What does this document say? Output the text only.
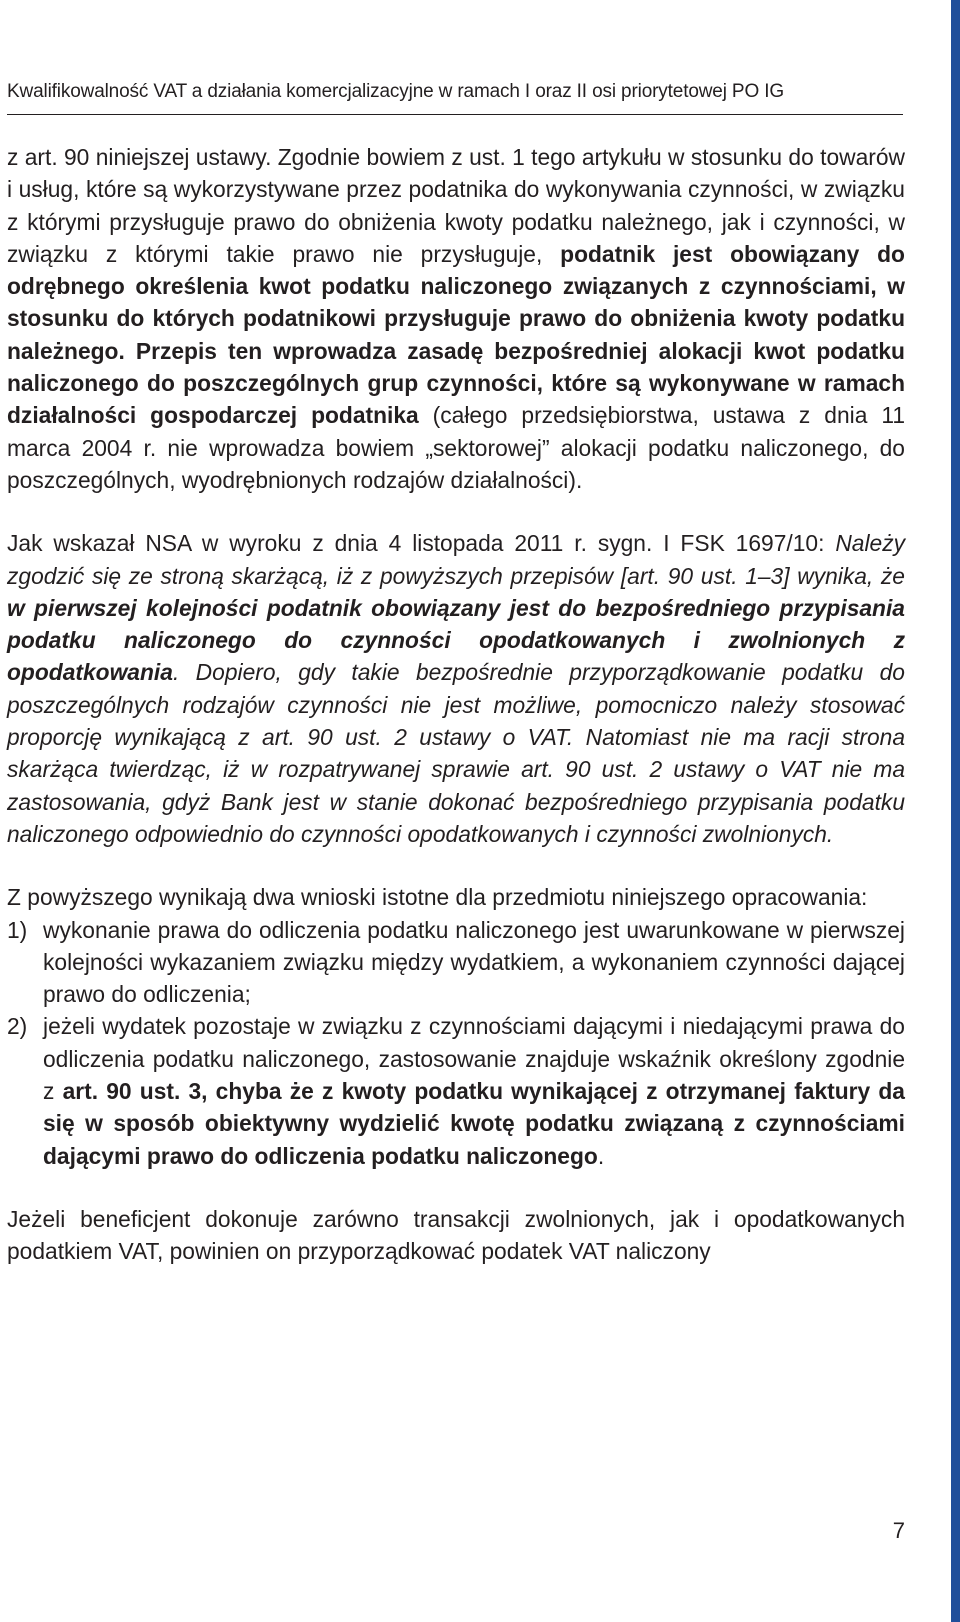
Kwalifikowalność VAT a działania komercjalizacyjne w ramach I oraz II osi priorytetowej PO IG

z art. 90 niniejszej ustawy. Zgodnie bowiem z ust. 1 tego artykułu w stosunku do towarów i usług, które są wykorzystywane przez podatnika do wykonywania czynności, w związku z którymi przysługuje prawo do obniżenia kwoty podatku należnego, jak i czynności, w związku z którymi takie prawo nie przysługuje, podatnik jest obowiązany do odrębnego określenia kwot podatku naliczonego związanych z czynnościami, w stosunku do których podatnikowi przysługuje prawo do obniżenia kwoty podatku należnego. Przepis ten wprowadza zasadę bezpośredniej alokacji kwot podatku naliczonego do poszczególnych grup czynności, które są wykonywane w ramach działalności gospodarczej podatnika (całego przedsiębiorstwa, ustawa z dnia 11 marca 2004 r. nie wprowadza bowiem „sektorowej” alokacji podatku naliczonego, do poszczególnych, wyodrębnionych rodzajów działalności).

Jak wskazał NSA w wyroku z dnia 4 listopada 2011 r. sygn. I FSK 1697/10: Należy zgodzić się ze stroną skarżącą, iż z powyższych przepisów [art. 90 ust. 1–3] wynika, że w pierwszej kolejności podatnik obowiązany jest do bezpośredniego przypisania podatku naliczonego do czynności opodatkowanych i zwolnionych z opodatkowania. Dopiero, gdy takie bezpośrednie przyporządkowanie podatku do poszczególnych rodzajów czynności nie jest możliwe, pomocniczo należy stosować proporcję wynikającą z art. 90 ust. 2 ustawy o VAT. Natomiast nie ma racji strona skarżąca twierdząc, iż w rozpatrywanej sprawie art. 90 ust. 2 ustawy o VAT nie ma zastosowania, gdyż Bank jest w stanie dokonać bezpośredniego przypisania podatku naliczonego odpowiednio do czynności opodatkowanych i czynności zwolnionych.

Z powyższego wynikają dwa wnioski istotne dla przedmiotu niniejszego opracowania:

1) wykonanie prawa do odliczenia podatku naliczonego jest uwarunkowane w pierwszej kolejności wykazaniem związku między wydatkiem, a wykonaniem czynności dającej prawo do odliczenia;
2) jeżeli wydatek pozostaje w związku z czynnościami dającymi i niedającymi prawa do odliczenia podatku naliczonego, zastosowanie znajduje wskaźnik określony zgodnie z art. 90 ust. 3, chyba że z kwoty podatku wynikającej z otrzymanej faktury da się w sposób obiektywny wydzielić kwotę podatku związaną z czynnościami dającymi prawo do odliczenia podatku naliczonego.

Jeżeli beneficjent dokonuje zarówno transakcji zwolnionych, jak i opodatkowanych podatkiem VAT, powinien on przyporządkować podatek VAT naliczony

7
